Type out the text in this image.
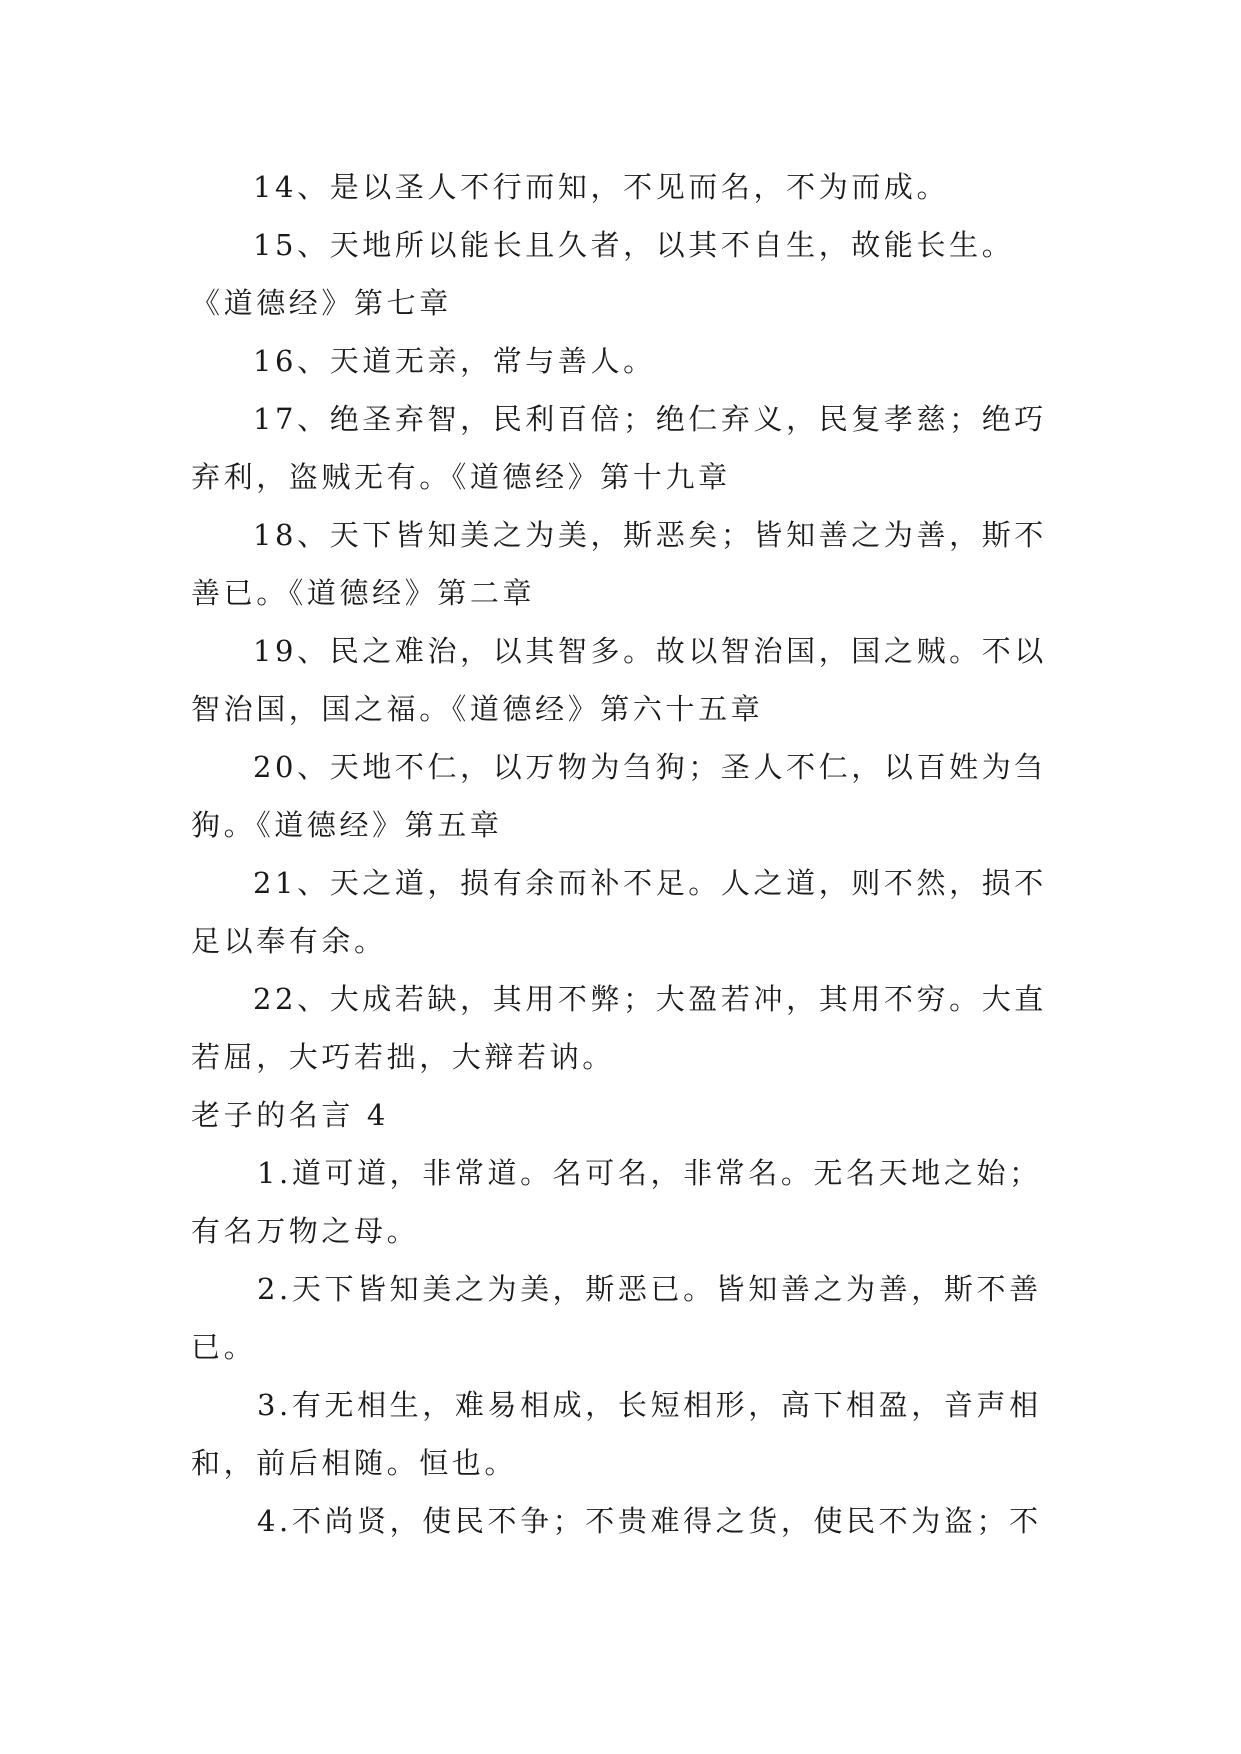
14、是以圣人不行而知，不见而名，不为而成。

15、天地所以能长且久者，以其不自生，故能长生。《道德经》第七章

16、天道无亲，常与善人。

17、绝圣弃智，民利百倍；绝仁弃义，民复孝慈；绝巧弃利，盗贼无有。《道德经》第十九章

18、天下皆知美之为美，斯恶矣；皆知善之为善，斯不善已。《道德经》第二章

19、民之难治，以其智多。故以智治国，国之贼。不以智治国，国之福。《道德经》第六十五章

20、天地不仁，以万物为刍狗；圣人不仁，以百姓为刍狗。《道德经》第五章

21、天之道，损有余而补不足。人之道，则不然，损不足以奉有余。

22、大成若缺，其用不弊；大盈若冲，其用不穷。大直若屈，大巧若拙，大辩若讷。

老子的名言 4

1.道可道，非常道。名可名，非常名。无名天地之始；有名万物之母。

2.天下皆知美之为美，斯恶已。皆知善之为善，斯不善已。

3.有无相生，难易相成，长短相形，高下相盈，音声相和，前后相随。恒也。

4.不尚贤，使民不争；不贵难得之货，使民不为盗；不
